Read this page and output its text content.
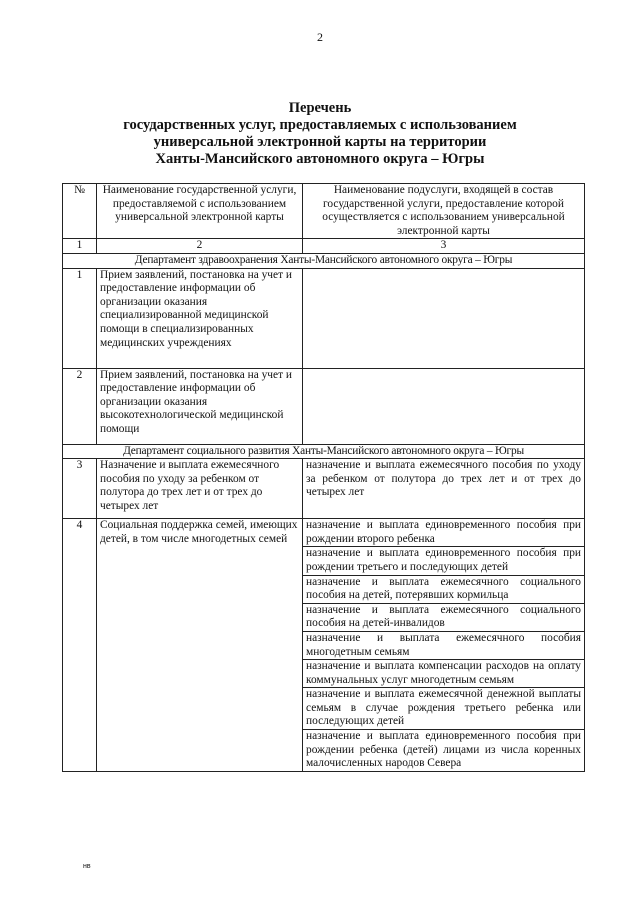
2
Перечень
государственных услуг, предоставляемых с использованием
универсальной электронной карты на территории
Ханты-Мансийского автономного округа – Югры
№	Наименование государственной услуги, предоставляемой с использованием универсальной электронной карты	Наименование подуслуги, входящей в состав государственной услуги, предоставление которой осуществляется с использованием универсальной электронной карты
1	2	3
Департамент здравоохранения Ханты-Мансийского автономного округа – Югры		
1	Прием заявлений, постановка на учет и предоставление информации об организации оказания специализированной медицинской помощи в специализированных медицинских учреждениях	
2	Прием заявлений, постановка на учет и предоставление информации об организации оказания высокотехнологической медицинской помощи	
Департамент социального развития Ханты-Мансийского автономного округа – Югры		
3	Назначение и выплата ежемесячного пособия по уходу за ребенком от полутора до трех лет и от трех до четырех лет	назначение и выплата ежемесячного пособия по уходу за ребенком от полутора до трех лет и от трех до четырех лет
4	Социальная поддержка семей, имеющих детей, в том числе многодетных семей	назначение и выплата единовременного пособия при рождении второго ребенка
		назначение и выплата единовременного пособия при рождении третьего и последующих детей
		назначение и выплата ежемесячного социального пособия на детей, потерявших кормильца
		назначение и выплата ежемесячного социального пособия на детей-инвалидов
		назначение и выплата ежемесячного пособия многодетным семьям
		назначение и выплата компенсации расходов на оплату коммунальных услуг многодетным семьям
		назначение и выплата ежемесячной денежной выплаты семьям в случае рождения третьего ребенка или последующих детей
		назначение и выплата единовременного пособия при рождении ребенка (детей) лицами из числа коренных малочисленных народов Севера
нв
